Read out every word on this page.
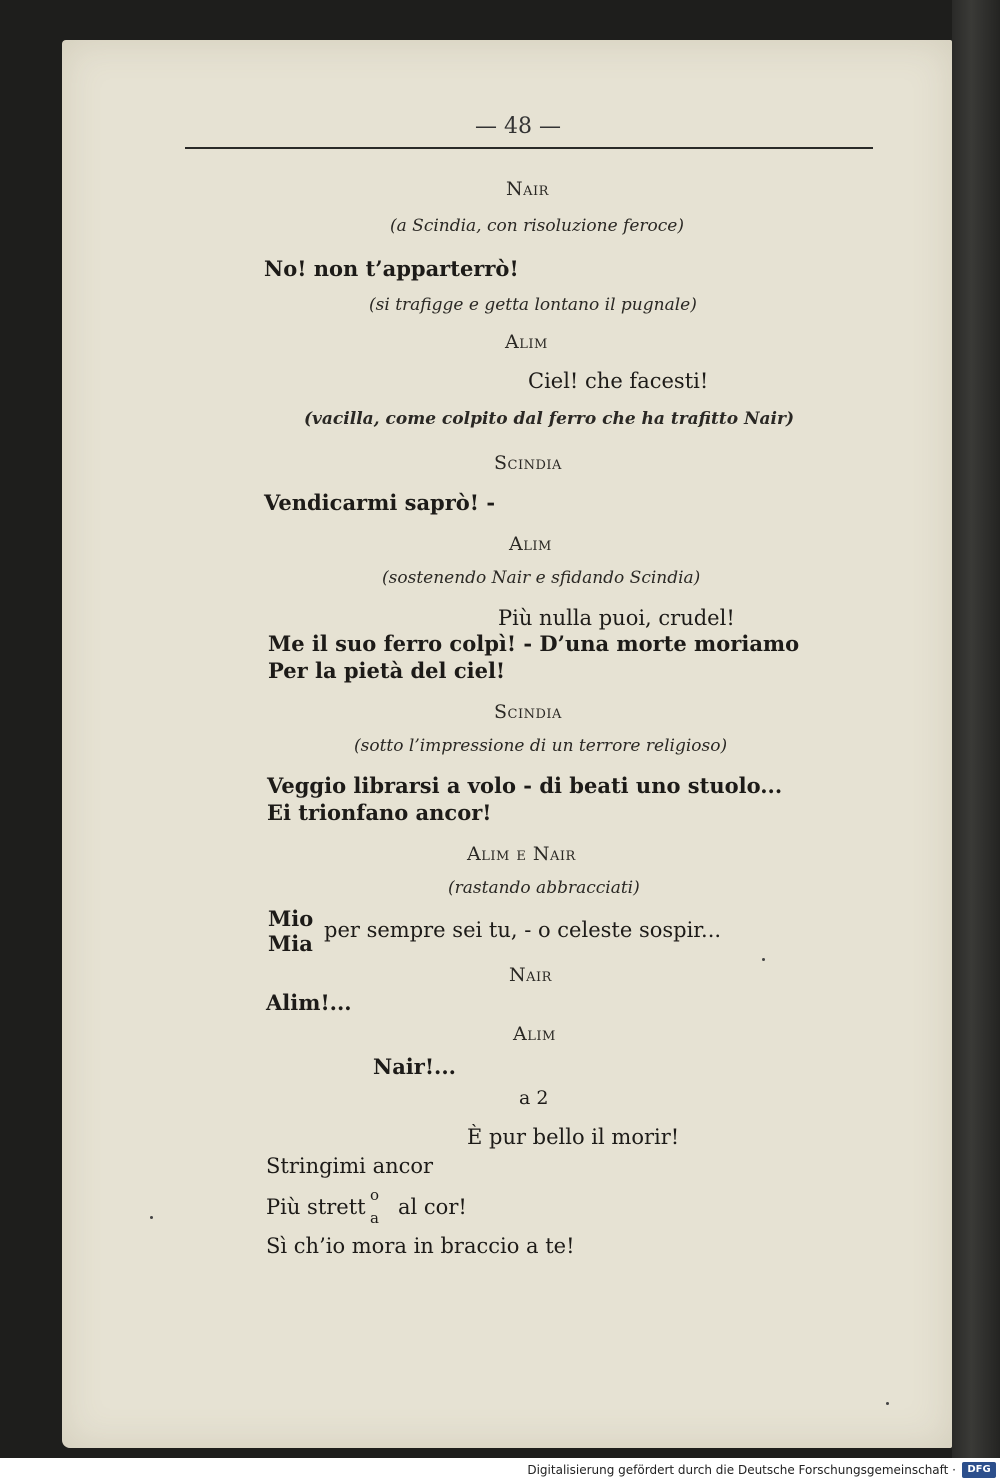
— 48 —
Nair
(a Scindia, con risoluzione feroce)
No! non t’apparterrò!
(si trafigge e getta lontano il pugnale)
Alim
Ciel! che facesti!
(vacilla, come colpito dal ferro che ha trafitto Nair)
Scindia
Vendicarmi saprò! -
Alim
(sostenendo Nair e sfidando Scindia)
Più nulla puoi, crudel!
Me il suo ferro colpì! - D’una morte moriamo
Per la pietà del ciel!
Scindia
(sotto l’impressione di un terrore religioso)
Veggio librarsi a volo - di beati uno stuolo...
Ei trionfano ancor!
Alim e Nair
(rastando abbracciati)
Mio
Mia
per sempre sei tu, - o celeste sospir...
Nair
Alim!...
Alim
Nair!...
a 2
È pur bello il morir!
Stringimi ancor
Più strett o
a al cor!
Sì ch’io mora in braccio a te!
Digitalisierung gefördert durch die Deutsche Forschungsgemeinschaft ·	DFG
